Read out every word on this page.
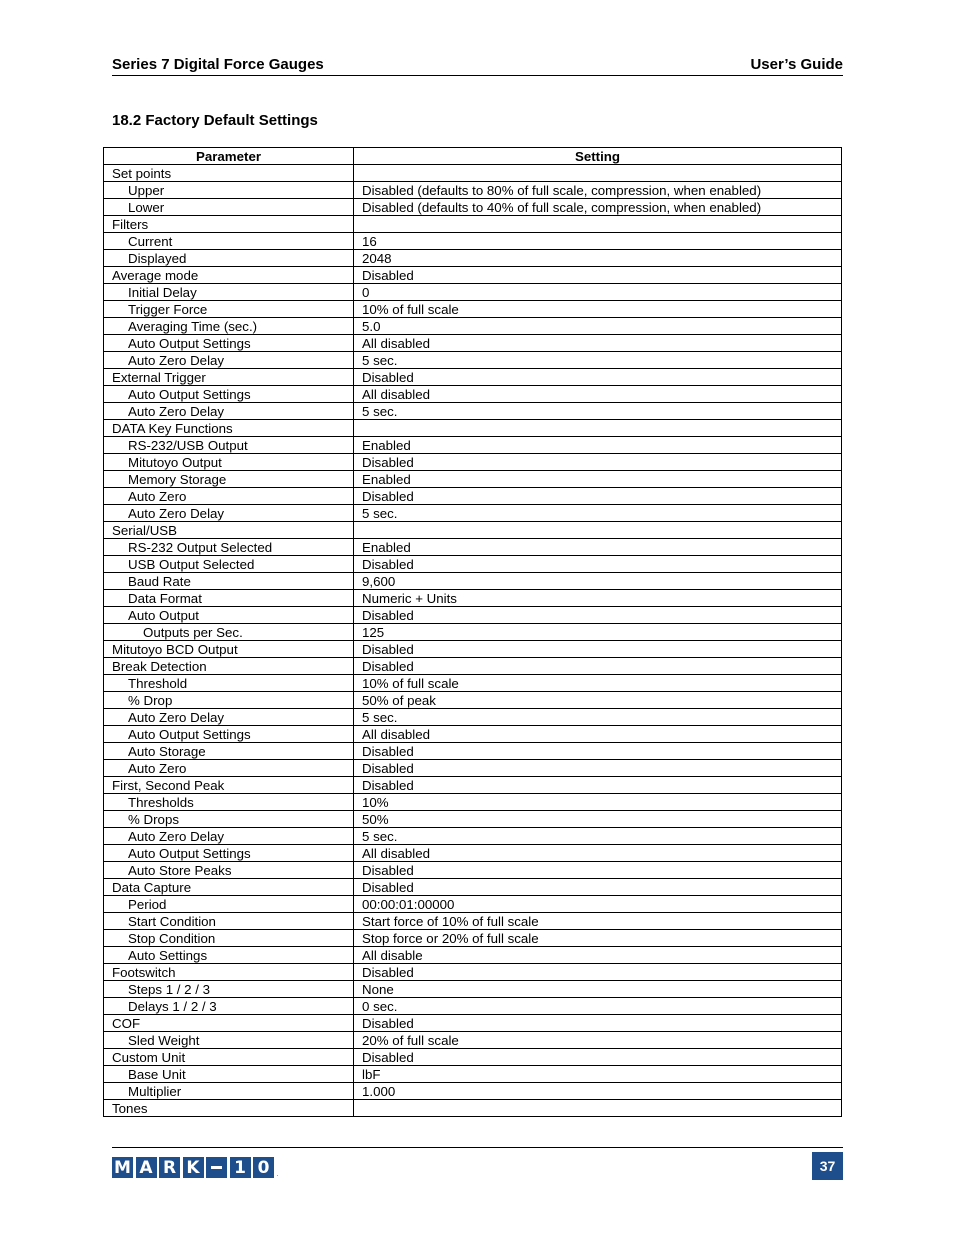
Series 7 Digital Force Gauges	User’s Guide
18.2 Factory Default Settings
Parameter	Setting
Set points	
Upper	Disabled (defaults to 80% of full scale, compression, when enabled)
Lower	Disabled (defaults to 40% of full scale, compression, when enabled)
Filters	
Current	16
Displayed	2048
Average mode	Disabled
Initial Delay	0
Trigger Force	10% of full scale
Averaging Time (sec.)	5.0
Auto Output Settings	All disabled
Auto Zero Delay	5 sec.
External Trigger	Disabled
Auto Output Settings	All disabled
Auto Zero Delay	5 sec.
DATA Key Functions	
RS-232/USB Output	Enabled
Mitutoyo Output	Disabled
Memory Storage	Enabled
Auto Zero	Disabled
Auto Zero Delay	5 sec.
Serial/USB	
RS-232 Output Selected	Enabled
USB Output Selected	Disabled
Baud Rate	9,600
Data Format	Numeric + Units
Auto Output	Disabled
Outputs per Sec.	125
Mitutoyo BCD Output	Disabled
Break Detection	Disabled
Threshold	10% of full scale
% Drop	50% of peak
Auto Zero Delay	5 sec.
Auto Output Settings	All disabled
Auto Storage	Disabled
Auto Zero	Disabled
First, Second Peak	Disabled
Thresholds	10%
% Drops	50%
Auto Zero Delay	5 sec.
Auto Output Settings	All disabled
Auto Store Peaks	Disabled
Data Capture	Disabled
Period	00:00:01:00000
Start Condition	Start force of 10% of full scale
Stop Condition	Stop force or 20% of full scale
Auto Settings	All disable
Footswitch	Disabled
Steps 1 / 2 / 3	None
Delays 1 / 2 / 3	0 sec.
COF	Disabled
Sled Weight	20% of full scale
Custom Unit	Disabled
Base Unit	lbF
Multiplier	1.000
Tones	
M A R K 1 0	.
37
